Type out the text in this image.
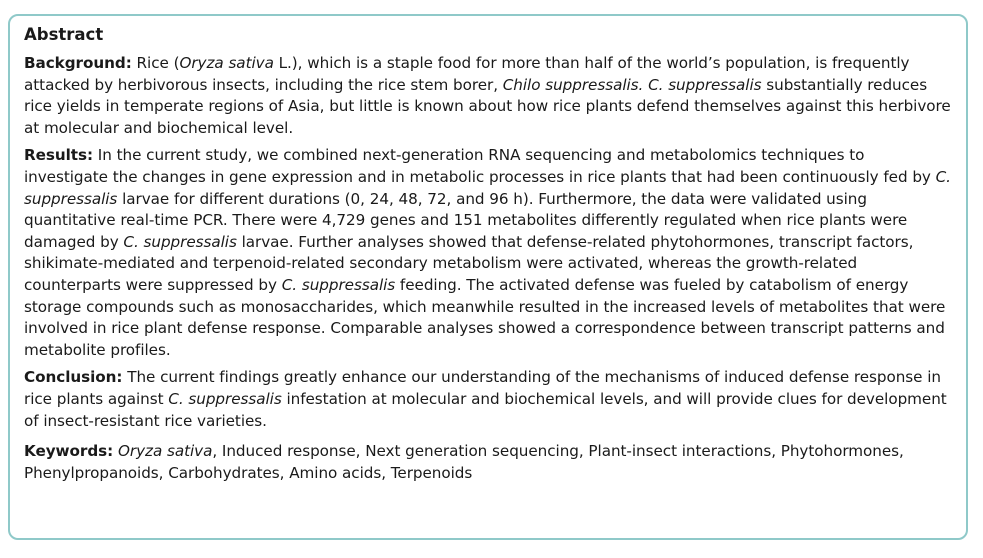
Abstract

Background: Rice (Oryza sativa L.), which is a staple food for more than half of the world’s population, is frequently attacked by herbivorous insects, including the rice stem borer, Chilo suppressalis. C. suppressalis substantially reduces rice yields in temperate regions of Asia, but little is known about how rice plants defend themselves against this herbivore at molecular and biochemical level.

Results: In the current study, we combined next-generation RNA sequencing and metabolomics techniques to investigate the changes in gene expression and in metabolic processes in rice plants that had been continuously fed by C. suppressalis larvae for different durations (0, 24, 48, 72, and 96 h). Furthermore, the data were validated using quantitative real-time PCR. There were 4,729 genes and 151 metabolites differently regulated when rice plants were damaged by C. suppressalis larvae. Further analyses showed that defense-related phytohormones, transcript factors, shikimate-mediated and terpenoid-related secondary metabolism were activated, whereas the growth-related counterparts were suppressed by C. suppressalis feeding. The activated defense was fueled by catabolism of energy storage compounds such as monosaccharides, which meanwhile resulted in the increased levels of metabolites that were involved in rice plant defense response. Comparable analyses showed a correspondence between transcript patterns and metabolite profiles.

Conclusion: The current findings greatly enhance our understanding of the mechanisms of induced defense response in rice plants against C. suppressalis infestation at molecular and biochemical levels, and will provide clues for development of insect-resistant rice varieties.

Keywords: Oryza sativa, Induced response, Next generation sequencing, Plant-insect interactions, Phytohormones, Phenylpropanoids, Carbohydrates, Amino acids, Terpenoids
